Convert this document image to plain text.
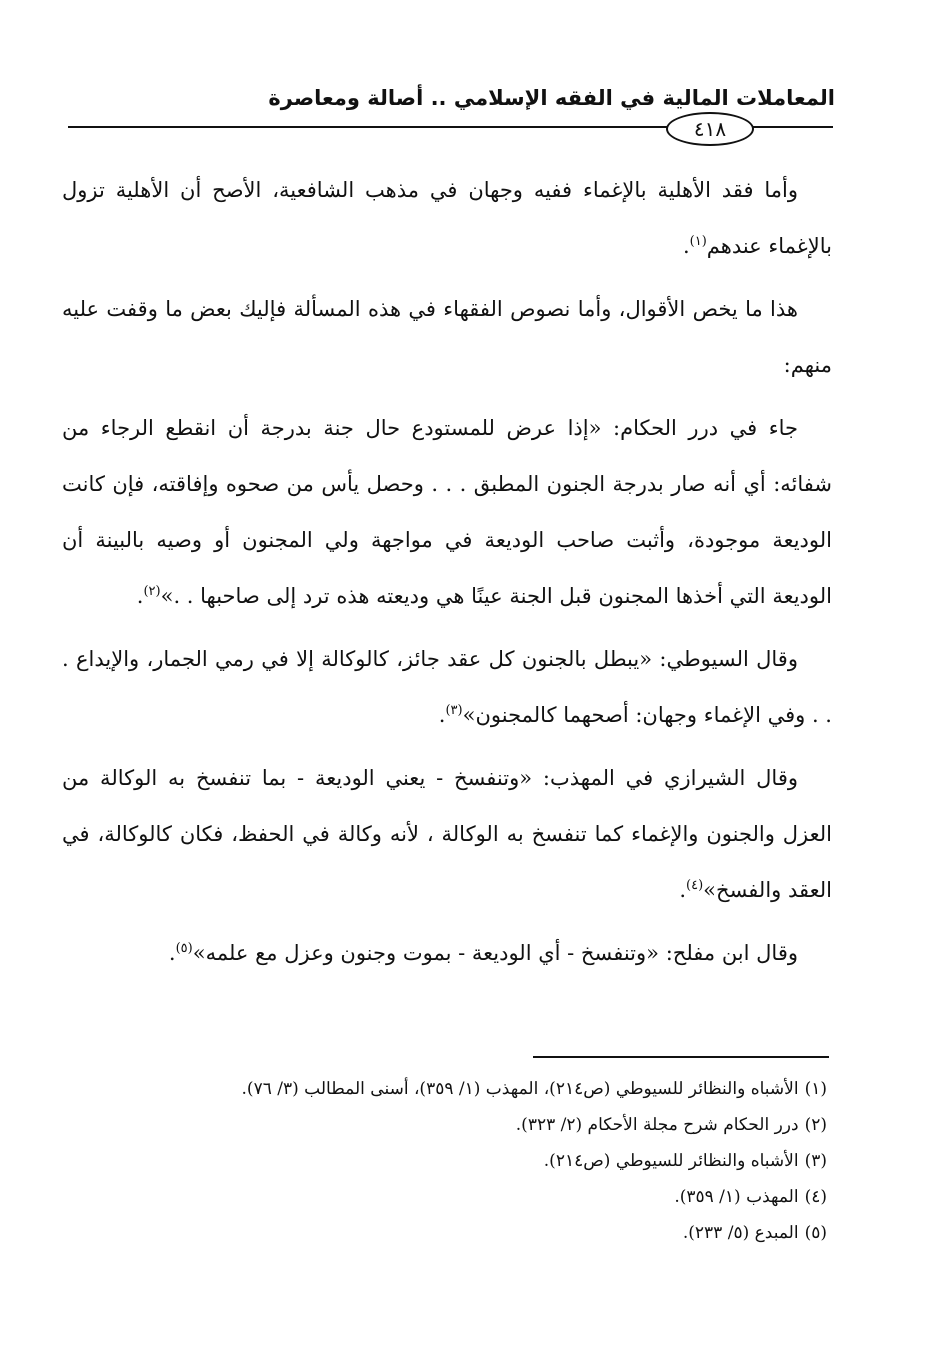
المعاملات المالية في الفقه الإسلامي .. أصالة ومعاصرة
٤١٨

وأما فقد الأهلية بالإغماء ففيه وجهان في مذهب الشافعية، الأصح أن الأهلية تزول بالإغماء عندهم$^{(١)}$.

هذا ما يخص الأقوال، وأما نصوص الفقهاء في هذه المسألة فإليك بعض ما وقفت عليه منهم:

جاء في درر الحكام: «إذا عرض للمستودع حال جنة بدرجة أن انقطع الرجاء من شفائه: أي أنه صار بدرجة الجنون المطبق . . . وحصل يأس من صحوه وإفاقته، فإن كانت الوديعة موجودة، وأثبت صاحب الوديعة في مواجهة ولي المجنون أو وصيه بالبينة أن الوديعة التي أخذها المجنون قبل الجنة عينًا هي وديعته هذه ترد إلى صاحبها . .»$^{(٢)}$.

وقال السيوطي: «يبطل بالجنون كل عقد جائز، كالوكالة إلا في رمي الجمار، والإيداع . . . وفي الإغماء وجهان: أصحهما كالمجنون»$^{(٣)}$.

وقال الشيرازي في المهذب: «وتنفسخ - يعني الوديعة - بما تنفسخ به الوكالة من العزل والجنون والإغماء كما تنفسخ به الوكالة ، لأنه وكالة في الحفظ، فكان كالوكالة، في العقد والفسخ»$^{(٤)}$.

وقال ابن مفلح: «وتنفسخ - أي الوديعة - بموت وجنون وعزل مع علمه»$^{(٥)}$.

(١)الأشباه والنظائر للسيوطي (ص٢١٤)، المهذب (١/ ٣٥٩)، أسنى المطالب (٣/ ٧٦).
(٢)درر الحكام شرح مجلة الأحكام (٢/ ٣٢٣).
(٣)الأشباه والنظائر للسيوطي (ص٢١٤).
(٤)المهذب (١/ ٣٥٩).
(٥)المبدع (٥/ ٢٣٣).
